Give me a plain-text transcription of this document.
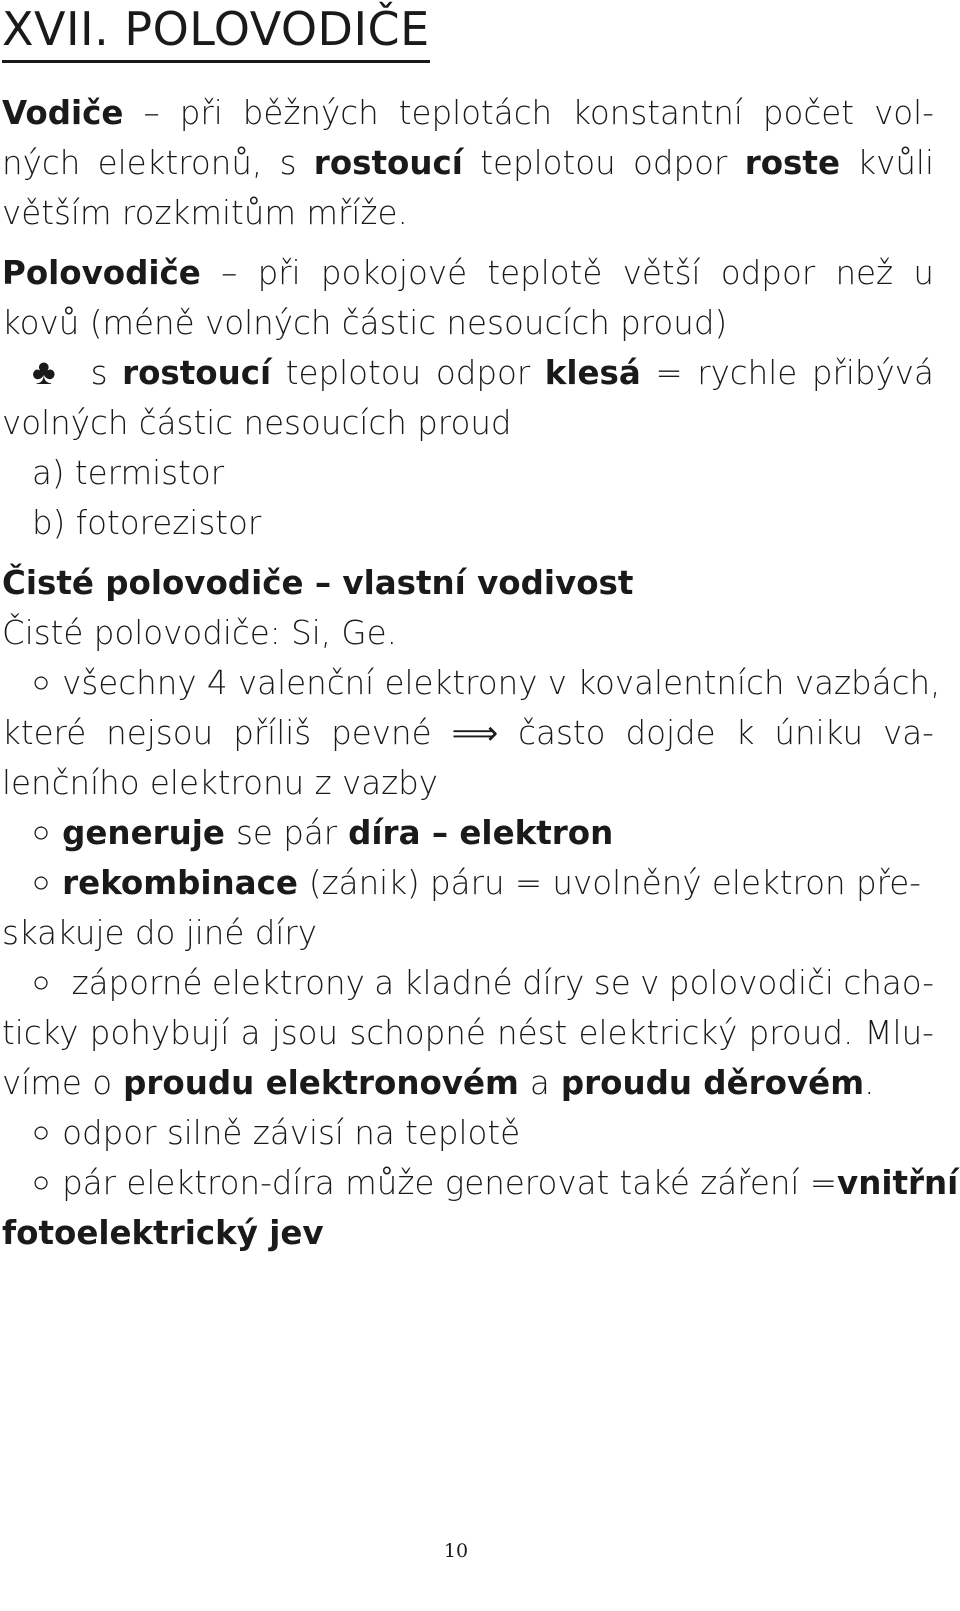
XVII. POLOVODIČE
Vodiče – při běžných teplotách konstantní počet vol-
ných elektronů, s rostoucí teplotou odpor roste kvůli
větším rozkmitům mříže.
Polovodiče – při pokojové teplotě větší odpor než u
kovů (méně volných částic nesoucích proud)
♣	s rostoucí teplotou odpor klesá = rychle přibývá
volných částic nesoucích proud
a) termistor
b) fotorezistor
Čisté polovodiče – vlastní vodivost
Čisté polovodiče: Si, Ge.
○ všechny 4 valenční elektrony v kovalentních vazbách,
které nejsou příliš pevné ⟹ často dojde k úniku va-
lenčního elektronu z vazby
○ generuje se pár díra – elektron
○ rekombinace (zánik) páru = uvolněný elektron pře-
skakuje do jiné díry
○ záporné elektrony a kladné díry se v polovodiči chao-
ticky pohybují a jsou schopné nést elektrický proud. Mlu-
víme o proudu elektronovém a proudu děrovém .
○ odpor silně závisí na teplotě
○ pár elektron-díra může generovat také záření = vnitřní
fotoelektrický jev
10
